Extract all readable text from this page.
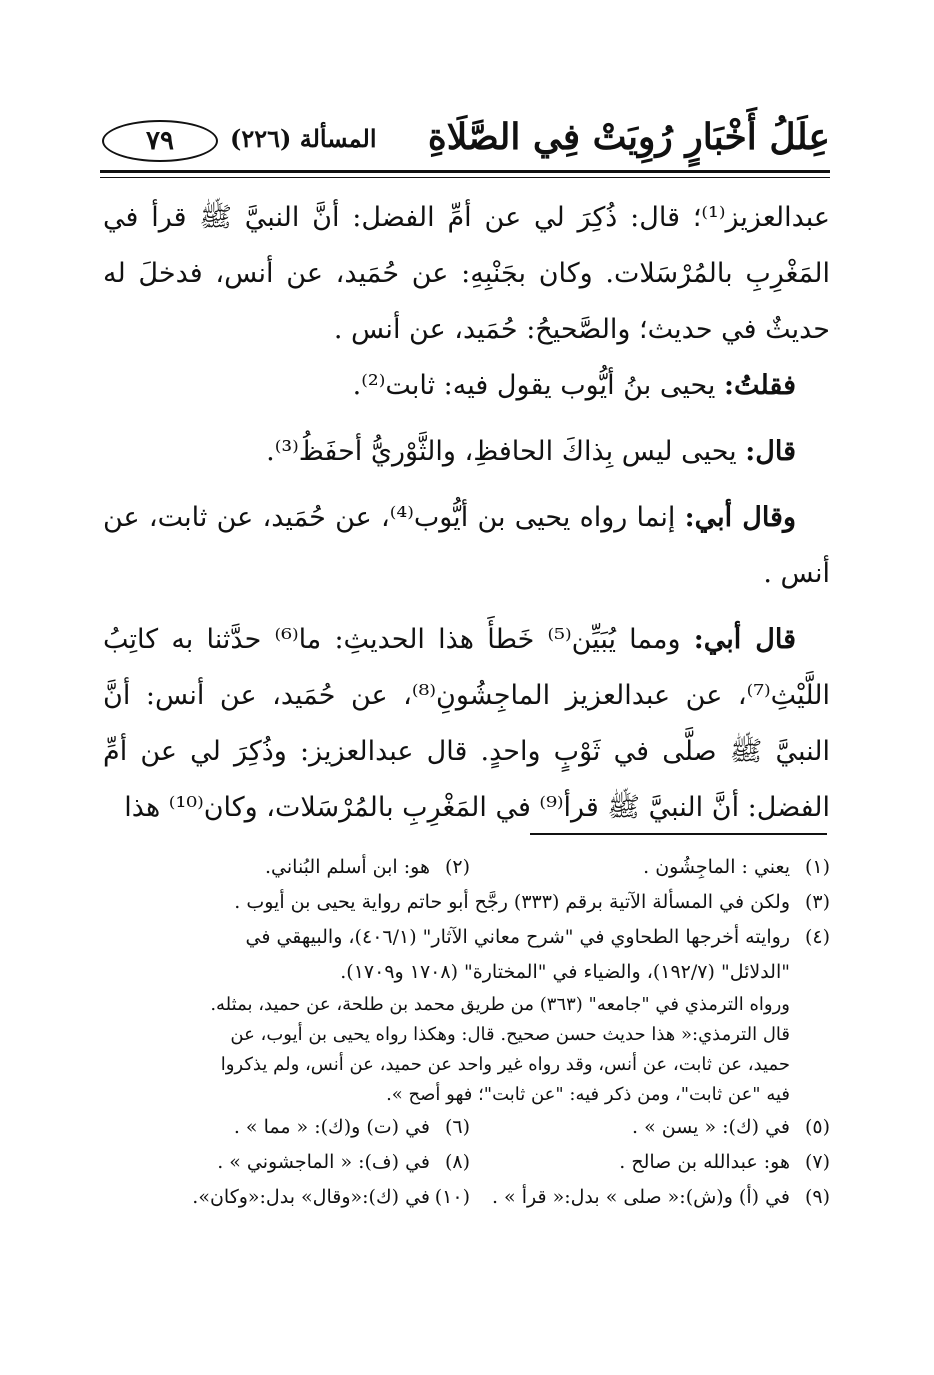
عِلَلُ أَخْبَارٍ رُوِيَتْ فِي الصَّلَاةِ
المسألة (٢٢٦)
٧٩

عبدالعزيز⁽¹⁾؛ قال: ذُكِرَ لي عن أمِّ الفضل: أنَّ النبيَّ ﷺ قرأ في المَغْرِبِ بالمُرْسَلات. وكان بجَنْبِهِ: عن حُمَيد، عن أنس، فدخلَ له حديثٌ في حديث؛ والصَّحيحُ: حُمَيد، عن أنس .

فقلتُ: يحيى بنُ أيُّوب يقول فيه: ثابت⁽²⁾.

قال: يحيى ليس بِذاكَ الحافظِ، والثَّوْريُّ أحفَظُ⁽³⁾.

وقال أبي: إنما رواه يحيى بن أيُّوب⁽⁴⁾، عن حُمَيد، عن ثابت، عن أنس .

قال أبي: ومما يُبَيِّن⁽⁵⁾ خَطأَ هذا الحديثِ: ما⁽⁶⁾ حدَّثنا به كاتِبُ اللَّيْثِ⁽⁷⁾، عن عبدالعزيز الماجِشُونِ⁽⁸⁾، عن حُمَيد، عن أنس: أنَّ النبيَّ ﷺ صلَّى في ثَوْبٍ واحدٍ. قال عبدالعزيز: وذُكِرَ لي عن أمِّ الفضل: أنَّ النبيَّ ﷺ قرأ⁽⁹⁾ في المَغْرِبِ بالمُرْسَلات، وكان⁽¹⁰⁾ هذا

(١)يعني : الماجِشُون .
(٢)هو: ابن أسلم البُناني.
(٣)ولكن في المسألة الآتية برقم (٣٣٣) رجَّح أبو حاتم رواية يحيى بن أيوب .
(٤)روايته أخرجها الطحاوي في "شرح معاني الآثار" (٤٠٦/١)، والبيهقي في
"الدلائل" (١٩٢/٧)، والضياء في "المختارة" (١٧٠٨ و١٧٠٩).
ورواه الترمذي في "جامعه" (٣٦٣) من طريق محمد بن طلحة، عن حميد، بمثله.
قال الترمذي:« هذا حديث حسن صحيح. قال: وهكذا رواه يحيى بن أيوب، عن
حميد، عن ثابت، عن أنس، وقد رواه غير واحد عن حميد، عن أنس، ولم يذكروا
فيه "عن ثابت"، ومن ذكر فيه: "عن ثابت"؛ فهو أصح ».
(٥)في (ك): « يسن » .
(٦)في (ت) و(ك): « مما » .
(٧)هو: عبدالله بن صالح .
(٨)في (ف): « الماجشوني » .
(٩)في (أ) و(ش):« صلى » بدل:« قرأ » .
(١٠)في (ك):«وقال» بدل:«وكان».
